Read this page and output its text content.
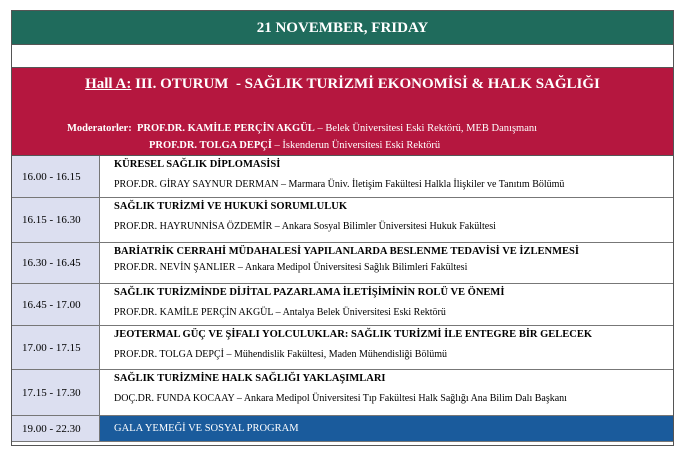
21 NOVEMBER, FRIDAY
Hall A: III. OTURUM - SAĞLIK TURİZMİ EKONOMİSİ & HALK SAĞLIĞI
Moderatorler: PROF.DR. KAMİLE PERÇİN AKGÜL – Belek Üniversitesi Eski Rektörü, MEB Danışmanı
PROF.DR. TOLGA DEPÇİ – İskenderun Üniversitesi Eski Rektörü
16.00 - 16.15
KÜRESEL SAĞLIK DİPLOMASİSİ
PROF.DR. GİRAY SAYNUR DERMAN – Marmara Üniv. İletişim Fakültesi Halkla İlişkiler ve Tanıtım Bölümü
16.15 - 16.30
SAĞLIK TURİZMİ VE HUKUKİ SORUMLULUK
PROF.DR. HAYRUNNİSA ÖZDEMİR – Ankara Sosyal Bilimler Üniversitesi Hukuk Fakültesi
16.30 - 16.45
BARİATRİK CERRAHİ MÜDAHALESİ YAPILANLARDA BESLENME TEDAVİSİ VE İZLENMESİ
PROF.DR. NEVİN ŞANLIER – Ankara Medipol Üniversitesi Sağlık Bilimleri Fakültesi
16.45 - 17.00
SAĞLIK TURİZMİNDE DİJİTAL PAZARLAMA İLETİŞİMİNİN ROLÜ VE ÖNEMİ
PROF.DR. KAMİLE PERÇİN AKGÜL – Antalya Belek Üniversitesi Eski Rektörü
17.00 - 17.15
JEOTERMAL GÜÇ VE ŞİFALI YOLCULUKLAR: SAĞLIK TURİZMİ İLE ENTEGRE BİR GELECEK
PROF.DR. TOLGA DEPÇİ – Mühendislik Fakültesi, Maden Mühendisliği Bölümü
17.15 - 17.30
SAĞLIK TURİZMİNE HALK SAĞLIĞI YAKLAŞIMLARI
DOÇ.DR. FUNDA KOCAAY – Ankara Medipol Üniversitesi Tıp Fakültesi Halk Sağlığı Ana Bilim Dalı Başkanı
19.00 - 22.30	GALA YEMEĞİ VE SOSYAL PROGRAM
